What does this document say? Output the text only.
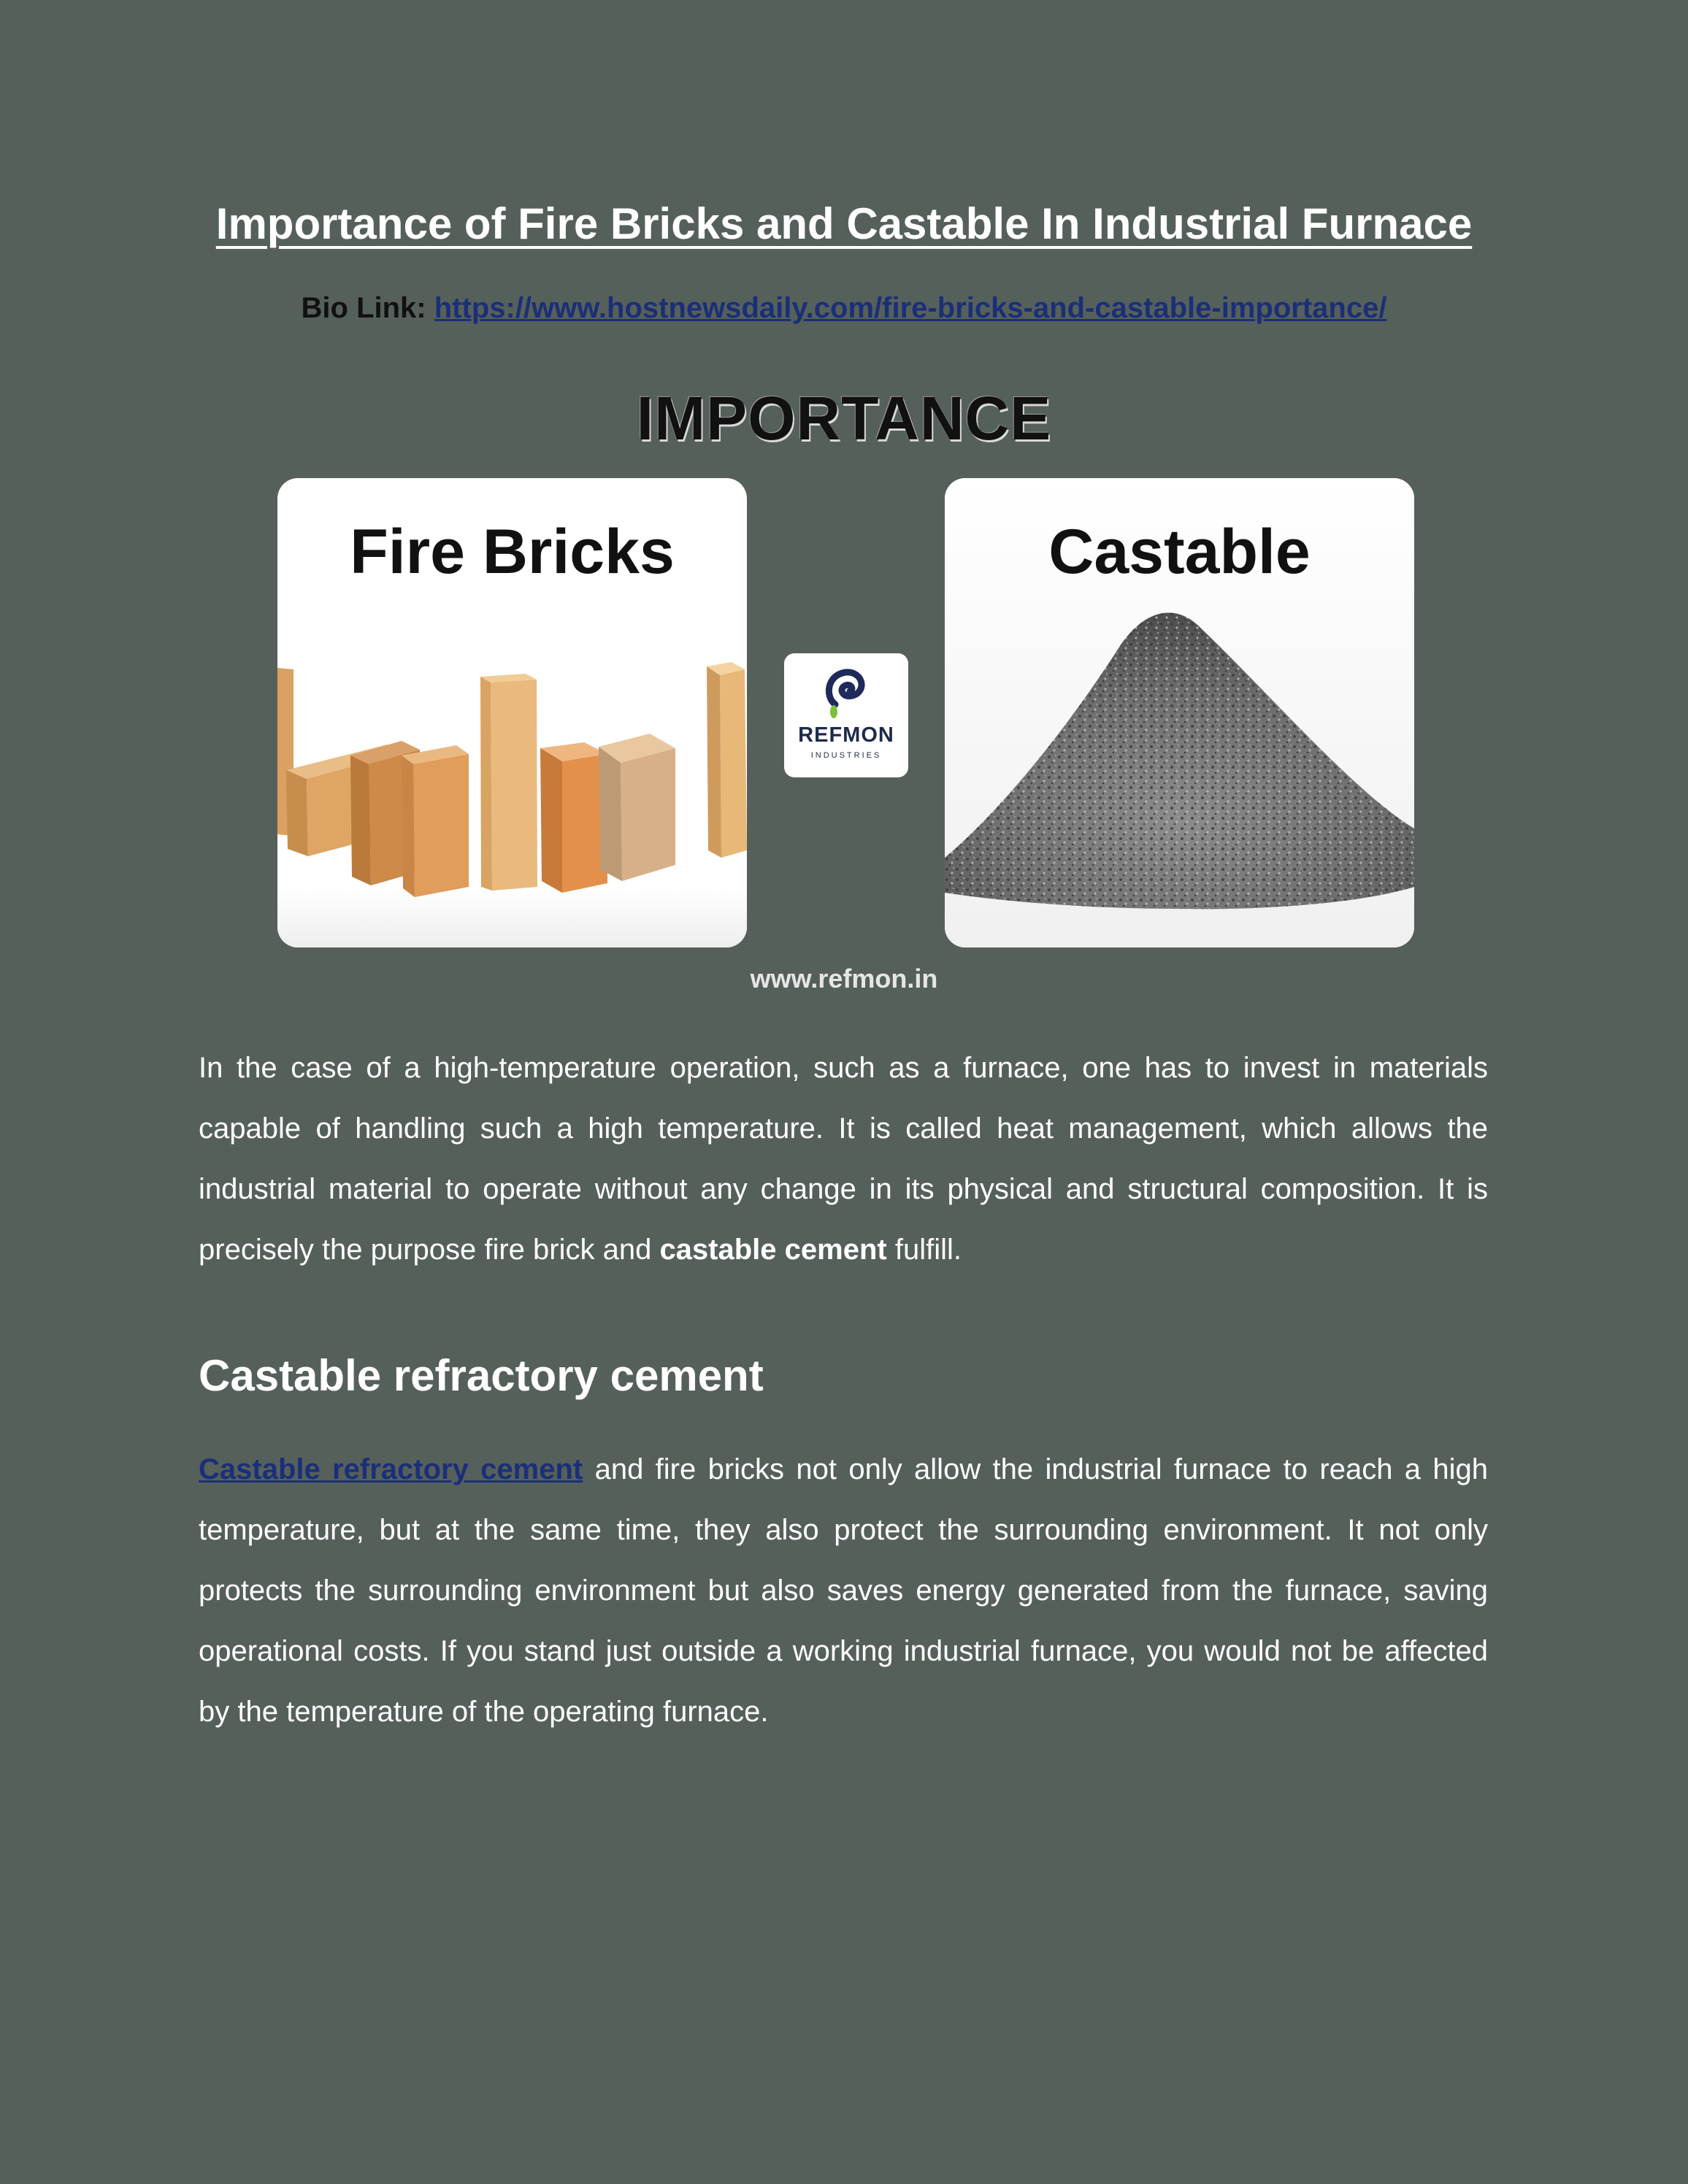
Importance of Fire Bricks and Castable In Industrial Furnace
Bio Link: https://www.hostnewsdaily.com/fire-bricks-and-castable-importance/
IMPORTANCE
Fire Bricks
REFMON
INDUSTRIES
Castable
www.refmon.in
In the case of a high-temperature operation, such as a furnace, one has to invest in materials capable of handling such a high temperature. It is called heat management, which allows the industrial material to operate without any change in its physical and structural composition. It is precisely the purpose fire brick and castable cement fulfill.
Castable refractory cement
Castable refractory cement and fire bricks not only allow the industrial furnace to reach a high temperature, but at the same time, they also protect the surrounding environment. It not only protects the surrounding environment but also saves energy generated from the furnace, saving operational costs. If you stand just outside a working industrial furnace, you would not be affected by the temperature of the operating furnace.
